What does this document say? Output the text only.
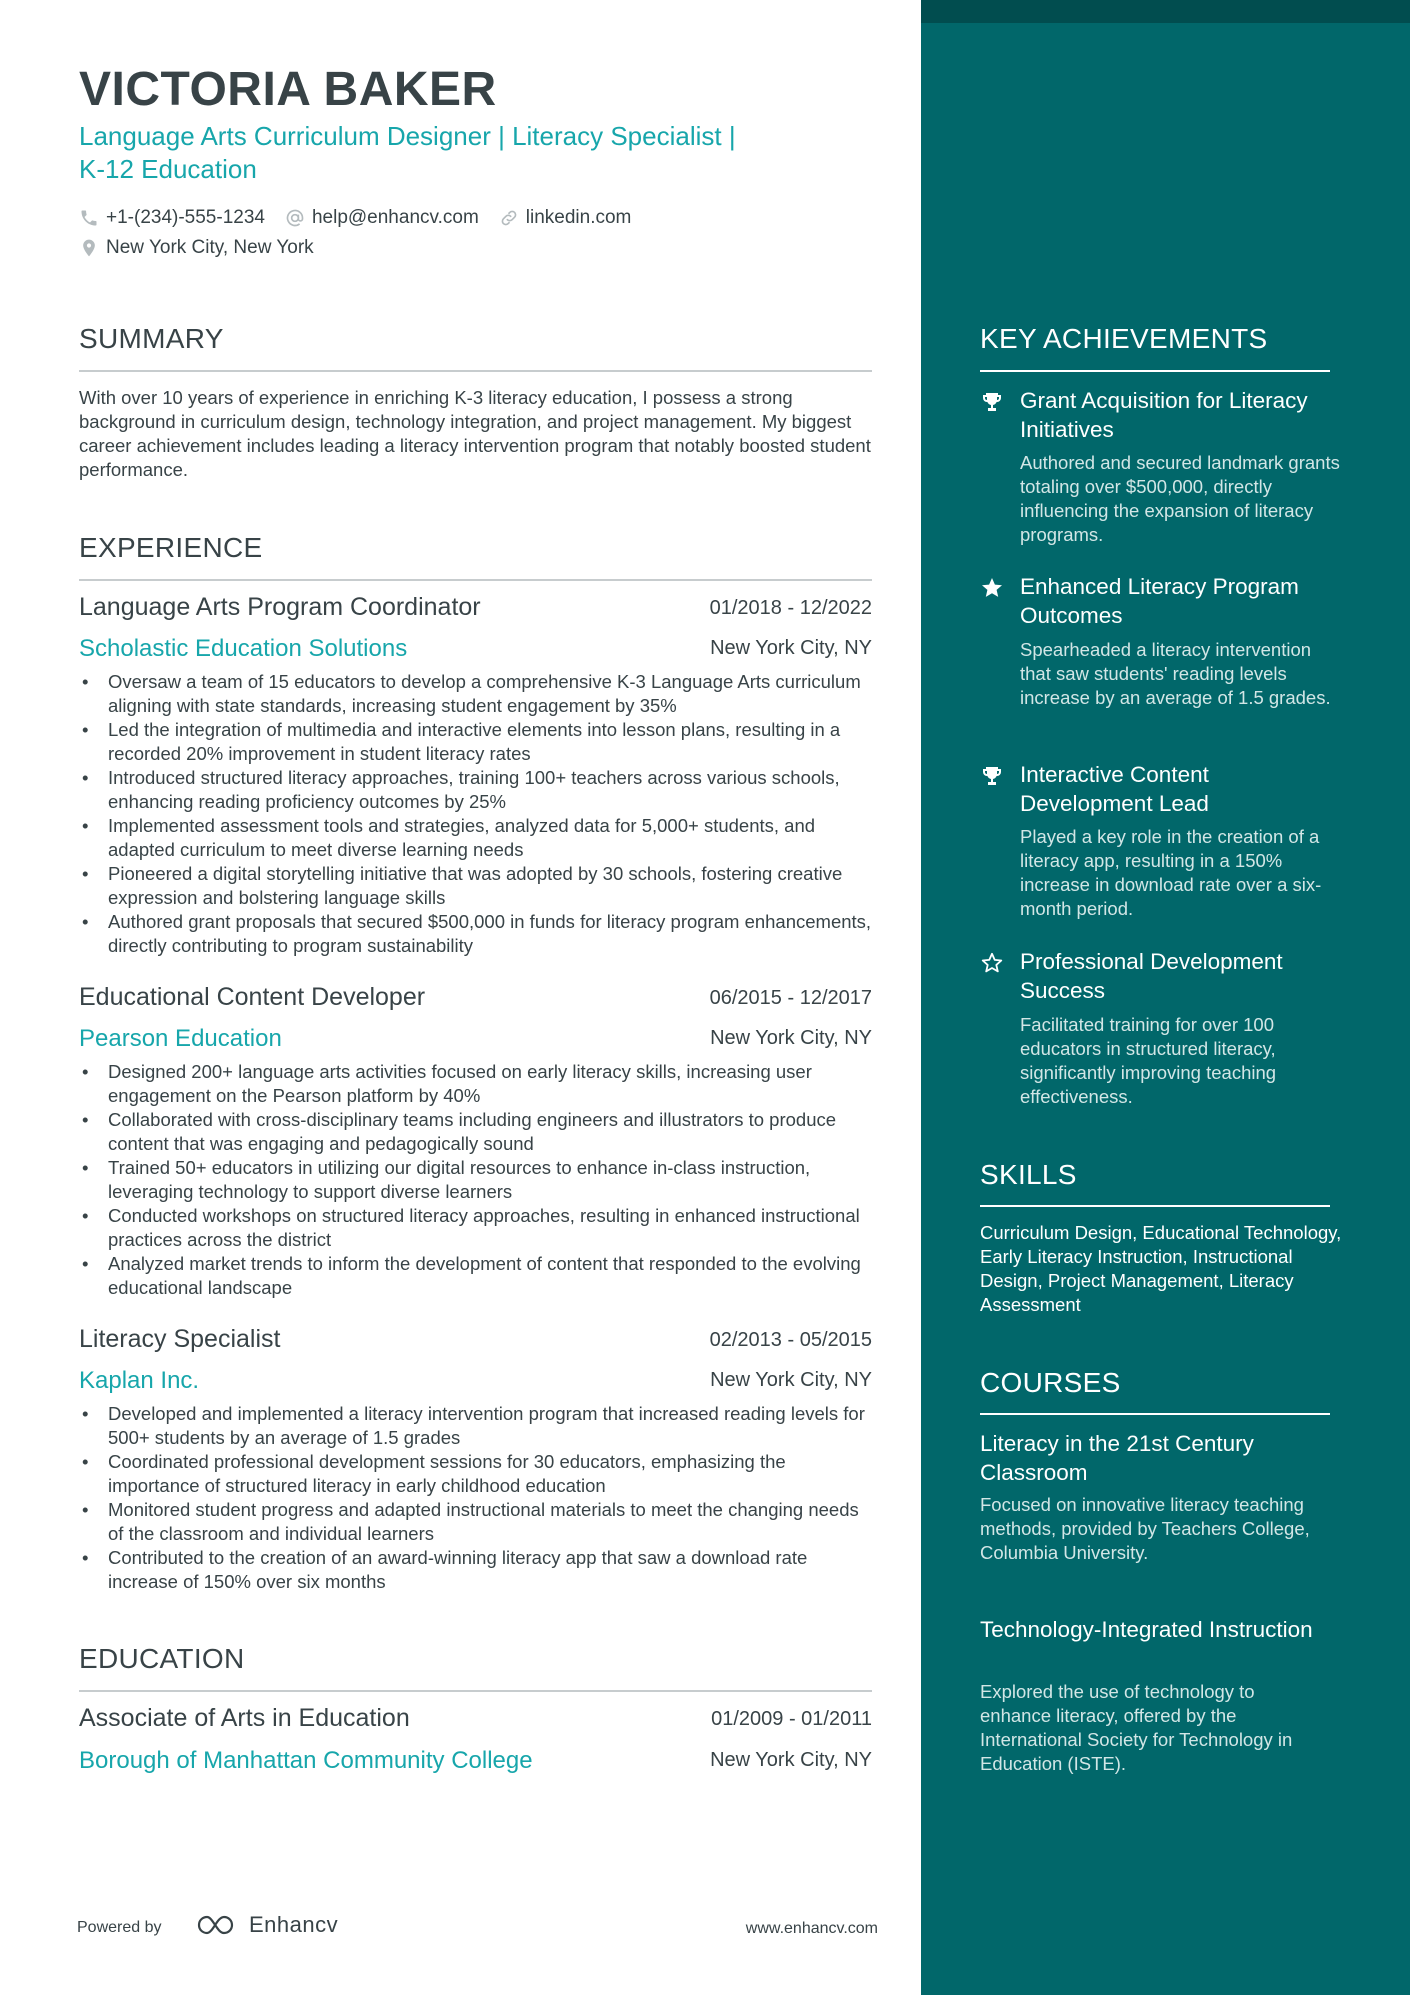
VICTORIA BAKER
Language Arts Curriculum Designer | Literacy Specialist |
K-12 Education
+1-(234)-555-1234 help@enhancv.com linkedin.com
New York City, New York
SUMMARY
With over 10 years of experience in enriching K-3 literacy education, I possess a strong background in curriculum design, technology integration, and project management. My biggest career achievement includes leading a literacy intervention program that notably boosted student performance.
EXPERIENCE
Language Arts Program Coordinator	01/2018 - 12/2022
Scholastic Education Solutions	New York City, NY
• Oversaw a team of 15 educators to develop a comprehensive K-3 Language Arts curriculum aligning with state standards, increasing student engagement by 35%
• Led the integration of multimedia and interactive elements into lesson plans, resulting in a recorded 20% improvement in student literacy rates
• Introduced structured literacy approaches, training 100+ teachers across various schools, enhancing reading proficiency outcomes by 25%
• Implemented assessment tools and strategies, analyzed data for 5,000+ students, and adapted curriculum to meet diverse learning needs
• Pioneered a digital storytelling initiative that was adopted by 30 schools, fostering creative expression and bolstering language skills
• Authored grant proposals that secured $500,000 in funds for literacy program enhancements, directly contributing to program sustainability
Educational Content Developer	06/2015 - 12/2017
Pearson Education	New York City, NY
• Designed 200+ language arts activities focused on early literacy skills, increasing user engagement on the Pearson platform by 40%
• Collaborated with cross-disciplinary teams including engineers and illustrators to produce content that was engaging and pedagogically sound
• Trained 50+ educators in utilizing our digital resources to enhance in-class instruction, leveraging technology to support diverse learners
• Conducted workshops on structured literacy approaches, resulting in enhanced instructional practices across the district
• Analyzed market trends to inform the development of content that responded to the evolving educational landscape
Literacy Specialist	02/2013 - 05/2015
Kaplan Inc.	New York City, NY
• Developed and implemented a literacy intervention program that increased reading levels for 500+ students by an average of 1.5 grades
• Coordinated professional development sessions for 30 educators, emphasizing the importance of structured literacy in early childhood education
• Monitored student progress and adapted instructional materials to meet the changing needs of the classroom and individual learners
• Contributed to the creation of an award-winning literacy app that saw a download rate increase of 150% over six months
EDUCATION
Associate of Arts in Education	01/2009 - 01/2011
Borough of Manhattan Community College	New York City, NY
KEY ACHIEVEMENTS
Grant Acquisition for Literacy Initiatives
Authored and secured landmark grants totaling over $500,000, directly influencing the expansion of literacy programs.
Enhanced Literacy Program Outcomes
Spearheaded a literacy intervention that saw students' reading levels increase by an average of 1.5 grades.
Interactive Content Development Lead
Played a key role in the creation of a literacy app, resulting in a 150% increase in download rate over a six-month period.
Professional Development Success
Facilitated training for over 100 educators in structured literacy, significantly improving teaching effectiveness.
SKILLS
Curriculum Design, Educational Technology, Early Literacy Instruction, Instructional Design, Project Management, Literacy Assessment
COURSES
Literacy in the 21st Century Classroom
Focused on innovative literacy teaching methods, provided by Teachers College, Columbia University.
Technology-Integrated Instruction
Explored the use of technology to enhance literacy, offered by the International Society for Technology in Education (ISTE).
Powered by	Enhancv	www.enhancv.com
